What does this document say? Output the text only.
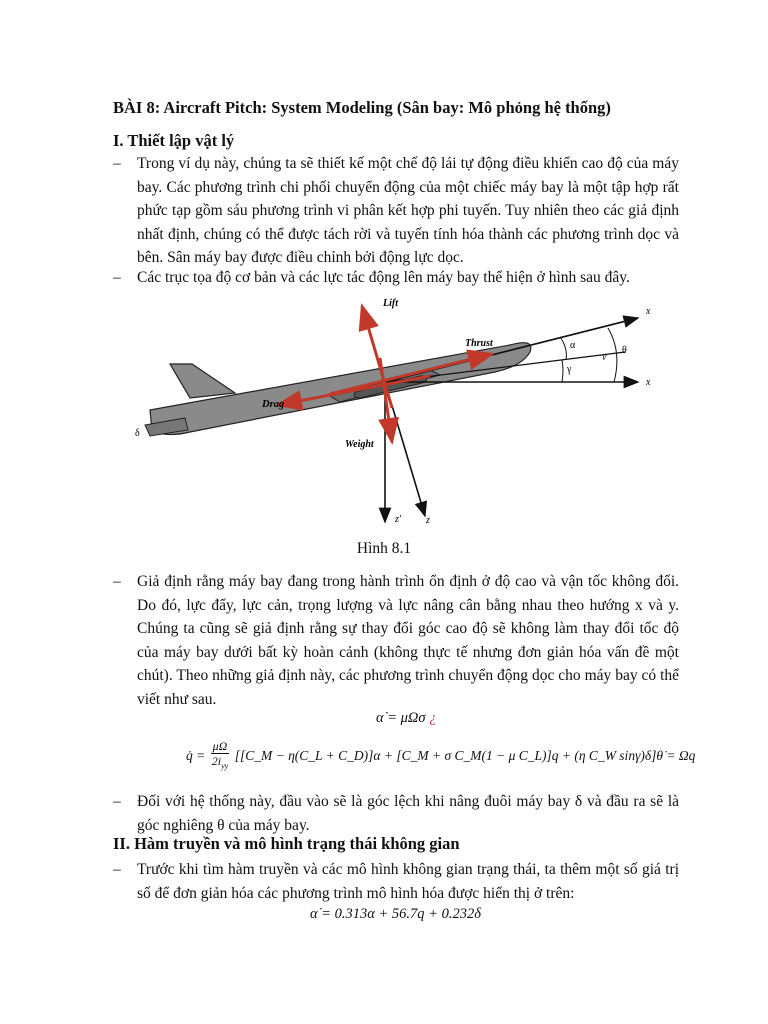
BÀI 8: Aircraft Pitch: System Modeling (Sân bay: Mô phỏng hệ thống)
I. Thiết lập vật lý
– Trong ví dụ này, chúng ta sẽ thiết kế một chế độ lái tự động điều khiển cao độ của máy bay. Các phương trình chi phối chuyển động của một chiếc máy bay là một tập hợp rất phức tạp gồm sáu phương trình vi phân kết hợp phi tuyến. Tuy nhiên theo các giả định nhất định, chúng có thể được tách rời và tuyến tính hóa thành các phương trình dọc và bên. Sân máy bay được điều chỉnh bởi động lực dọc.
– Các trục tọa độ cơ bản và các lực tác động lên máy bay thể hiện ở hình sau đây.
Lift
Thrust
Drag
Weight
x
x
α	θ
γ
v
δ
z' z
Hình 8.1
– Giả định rằng máy bay đang trong hành trình ổn định ở độ cao và vận tốc không đổi. Do đó, lực đẩy, lực cản, trọng lượng và lực nâng cân bằng nhau theo hướng x và y. Chúng ta cũng sẽ giả định rằng sự thay đổi góc cao độ sẽ không làm thay đổi tốc độ của máy bay dưới bất kỳ hoàn cảnh (không thực tế nhưng đơn giản hóa vấn đề một chút). Theo những giả định này, các phương trình chuyển động dọc cho máy bay có thể viết như sau.
α̇ = μΩσ ¿
q̇ = $\frac{\mu\Omega}{2i_{yy}}$ [[C_M − η(C_L + C_D)]α + [C_M + σ C_M(1 − μ C_L)]q + (η C_W sinγ)δ]θ̇ = Ωq
– Đối với hệ thống này, đầu vào sẽ là góc lệch khi nâng đuôi máy bay δ và đầu ra sẽ là góc nghiêng θ của máy bay.
II. Hàm truyền và mô hình trạng thái không gian
– Trước khi tìm hàm truyền và các mô hình không gian trạng thái, ta thêm một số giá trị số để đơn giản hóa các phương trình mô hình hóa được hiển thị ở trên:
α̇ = 0.313α + 56.7q + 0.232δ
